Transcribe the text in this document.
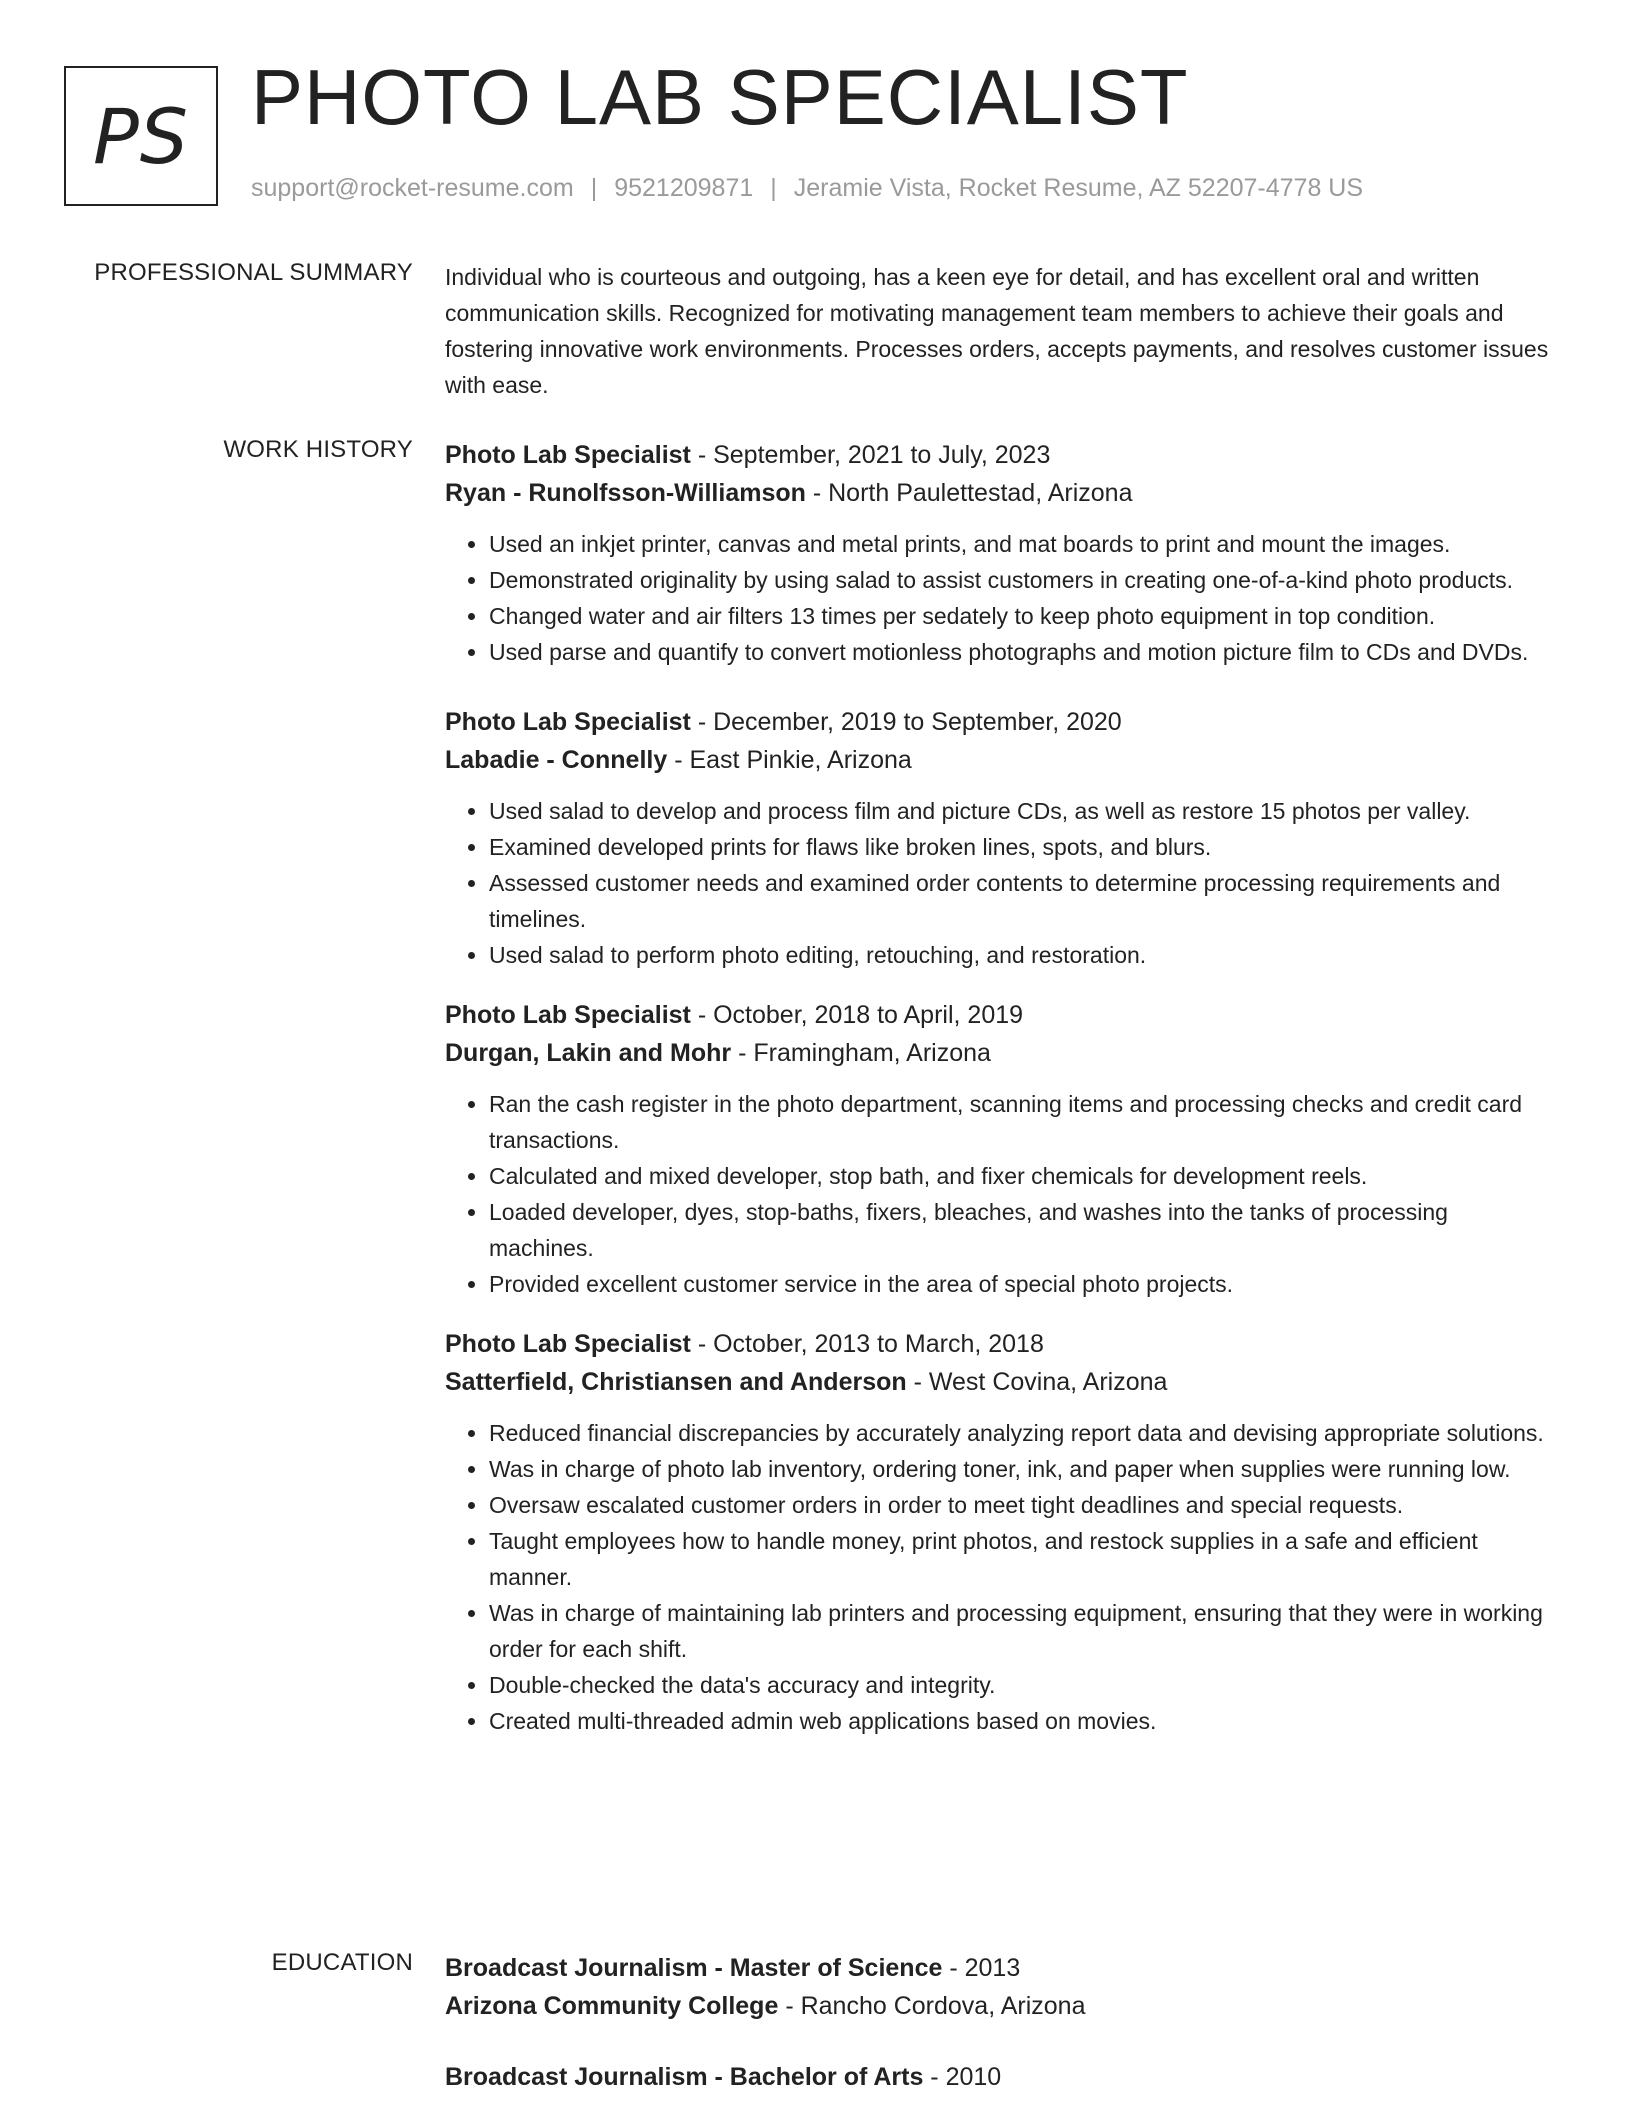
PS PHOTO LAB SPECIALIST
support@rocket-resume.com | 9521209871 | Jeramie Vista, Rocket Resume, AZ 52207-4778 US
PROFESSIONAL SUMMARY Individual who is courteous and outgoing, has a keen eye for detail, and has excellent oral and written communication skills. Recognized for motivating management team members to achieve their goals and fostering innovative work environments. Processes orders, accepts payments, and resolves customer issues with ease.

WORK HISTORY Photo Lab Specialist - September, 2021 to July, 2023
Ryan - Runolfsson-Williamson - North Paulettestad, Arizona
• Used an inkjet printer, canvas and metal prints, and mat boards to print and mount the images.
• Demonstrated originality by using salad to assist customers in creating one-of-a-kind photo products.
• Changed water and air filters 13 times per sedately to keep photo equipment in top condition.
• Used parse and quantify to convert motionless photographs and motion picture film to CDs and DVDs.
Photo Lab Specialist - December, 2019 to September, 2020
Labadie - Connelly - East Pinkie, Arizona
• Used salad to develop and process film and picture CDs, as well as restore 15 photos per valley.
• Examined developed prints for flaws like broken lines, spots, and blurs.
• Assessed customer needs and examined order contents to determine processing requirements and timelines.
• Used salad to perform photo editing, retouching, and restoration.
Photo Lab Specialist - October, 2018 to April, 2019
Durgan, Lakin and Mohr - Framingham, Arizona
• Ran the cash register in the photo department, scanning items and processing checks and credit card transactions.
• Calculated and mixed developer, stop bath, and fixer chemicals for development reels.
• Loaded developer, dyes, stop-baths, fixers, bleaches, and washes into the tanks of processing machines.
• Provided excellent customer service in the area of special photo projects.
Photo Lab Specialist - October, 2013 to March, 2018
Satterfield, Christiansen and Anderson - West Covina, Arizona
• Reduced financial discrepancies by accurately analyzing report data and devising appropriate solutions.
• Was in charge of photo lab inventory, ordering toner, ink, and paper when supplies were running low.
• Oversaw escalated customer orders in order to meet tight deadlines and special requests.
• Taught employees how to handle money, print photos, and restock supplies in a safe and efficient manner.
• Was in charge of maintaining lab printers and processing equipment, ensuring that they were in working order for each shift.
• Double-checked the data's accuracy and integrity.
• Created multi-threaded admin web applications based on movies.
EDUCATION Broadcast Journalism - Master of Science - 2013
Arizona Community College - Rancho Cordova, Arizona
Broadcast Journalism - Bachelor of Arts - 2010
